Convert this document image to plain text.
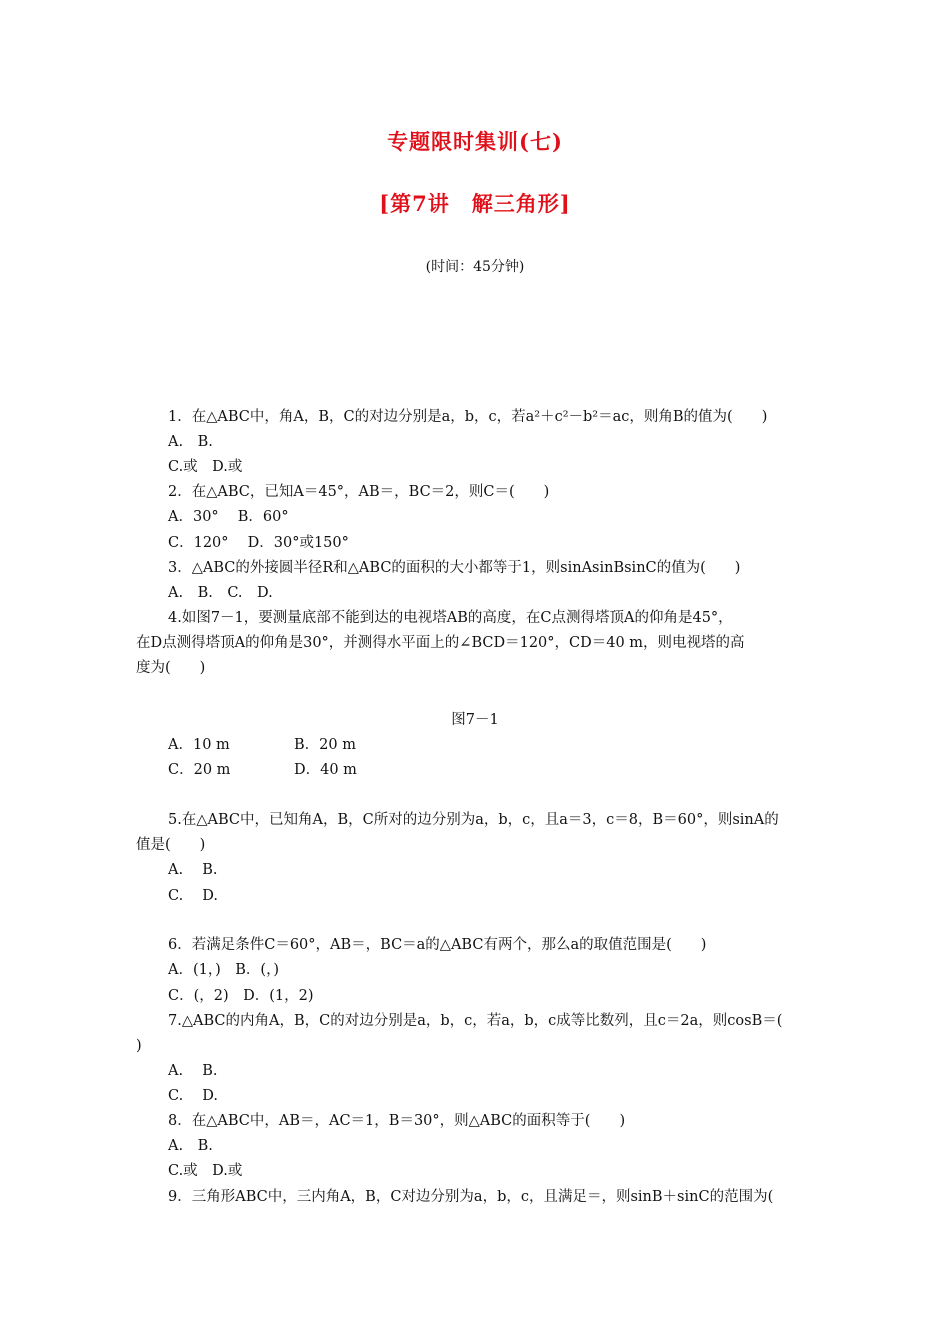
专题限时集训(七)
[第7讲　解三角形]
(时间：45分钟)
1．在△ABC中，角A，B，C的对边分别是a，b，c，若a²＋c²－b²＝ac，则角B的值为(　　)
A.　B.
C.或　D.或
2．在△ABC，已知A＝45°，AB＝，BC＝2，则C＝(　　)
A．30°　 B．60°
C．120°　 D．30°或150°
3．△ABC的外接圆半径R和△ABC的面积的大小都等于1，则sinAsinBsinC的值为(　　)
A.　B.　C.　D.
4.如图7－1，要测量底部不能到达的电视塔AB的高度，在C点测得塔顶A的仰角是45°，
在D点测得塔顶A的仰角是30°，并测得水平面上的∠BCD＝120°，CD＝40 m，则电视塔的高
度为(　　)
图7－1
A．10 m	B．20 m
C．20 m	D．40 m
5.在△ABC中，已知角A，B，C所对的边分别为a，b，c，且a＝3，c＝8，B＝60°，则sinA的
值是(　　)
A.　 B.
C.　 D.
6．若满足条件C＝60°，AB＝，BC＝a的△ABC有两个，那么a的取值范围是(　　)
A．(1，)　B．(，)
C．(，2)　D．(1，2)
7.△ABC的内角A，B，C的对边分别是a，b，c，若a，b，c成等比数列，且c＝2a，则cosB＝(
)
A.　 B.
C.　 D.
8．在△ABC中，AB＝，AC＝1，B＝30°，则△ABC的面积等于(　　)
A.　B.
C.或　D.或
9．三角形ABC中，三内角A，B，C对边分别为a，b，c，且满足＝，则sinB＋sinC的范围为(
